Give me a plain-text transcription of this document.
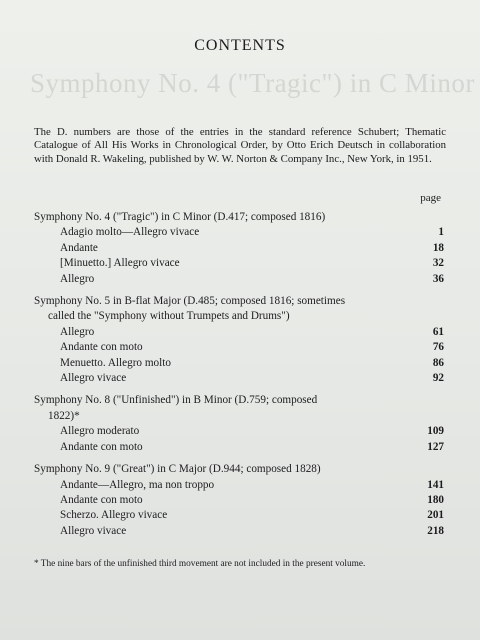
Symphony No. 4 ("Tragic") in C Minor
CONTENTS
The D. numbers are those of the entries in the standard reference Schubert; Thematic Catalogue of All His Works in Chronological Order, by Otto Erich Deutsch in collaboration with Donald R. Wakeling, published by W. W. Norton & Company Inc., New York, in 1951.
page
Symphony No. 4 ("Tragic") in C Minor (D.417; composed 1816)
Adagio molto—Allegro vivace	1
Andante	18
[Minuetto.] Allegro vivace	32
Allegro	36
Symphony No. 5 in B-flat Major (D.485; composed 1816; sometimes
called the "Symphony without Trumpets and Drums")
Allegro	61
Andante con moto	76
Menuetto. Allegro molto	86
Allegro vivace	92
Symphony No. 8 ("Unfinished") in B Minor (D.759; composed
1822)*
Allegro moderato	109
Andante con moto	127
Symphony No. 9 ("Great") in C Major (D.944; composed 1828)
Andante—Allegro, ma non troppo	141
Andante con moto	180
Scherzo. Allegro vivace	201
Allegro vivace	218
* The nine bars of the unfinished third movement are not included in the present volume.
